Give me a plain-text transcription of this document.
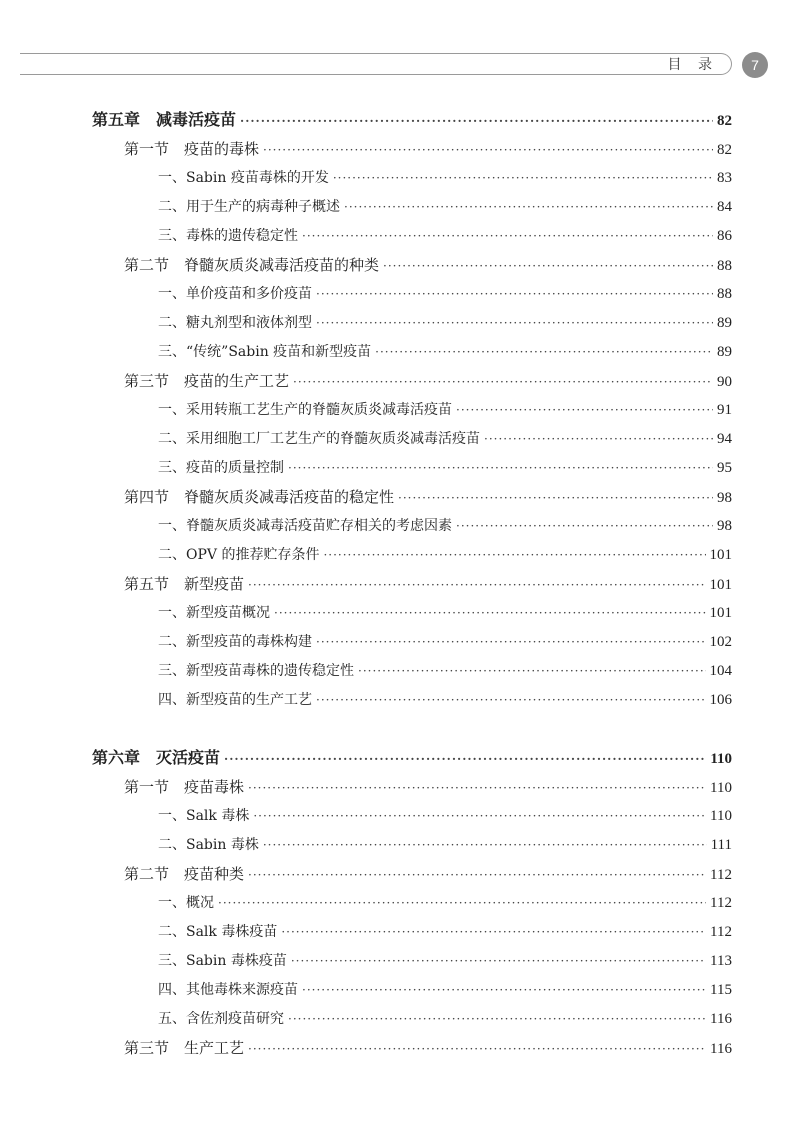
目 录	7
第五章　减毒活疫苗 ·····	82
第一节　疫苗的毒株 ·····	82
一、Sabin 疫苗毒株的开发 ·····	83
二、用于生产的病毒种子概述 ·····	84
三、毒株的遗传稳定性 ·····	86
第二节　脊髓灰质炎减毒活疫苗的种类 ·····	88
一、单价疫苗和多价疫苗 ·····	88
二、糖丸剂型和液体剂型 ·····	89
三、“传统”Sabin 疫苗和新型疫苗 ·····	89
第三节　疫苗的生产工艺 ·····	90
一、采用转瓶工艺生产的脊髓灰质炎减毒活疫苗 ·····	91
二、采用细胞工厂工艺生产的脊髓灰质炎减毒活疫苗 ·····	94
三、疫苗的质量控制 ·····	95
第四节　脊髓灰质炎减毒活疫苗的稳定性 ·····	98
一、脊髓灰质炎减毒活疫苗贮存相关的考虑因素 ·····	98
二、OPV 的推荐贮存条件 ·····	101
第五节　新型疫苗 ·····	101
一、新型疫苗概况 ·····	101
二、新型疫苗的毒株构建 ·····	102
三、新型疫苗毒株的遗传稳定性 ·····	104
四、新型疫苗的生产工艺 ·····	106
第六章　灭活疫苗 ·····	110
第一节　疫苗毒株 ·····	110
一、Salk 毒株 ·····	110
二、Sabin 毒株 ·····	111
第二节　疫苗种类 ·····	112
一、概况 ·····	112
二、Salk 毒株疫苗 ·····	112
三、Sabin 毒株疫苗 ·····	113
四、其他毒株来源疫苗 ·····	115
五、含佐剂疫苗研究 ·····	116
第三节　生产工艺 ·····	116
